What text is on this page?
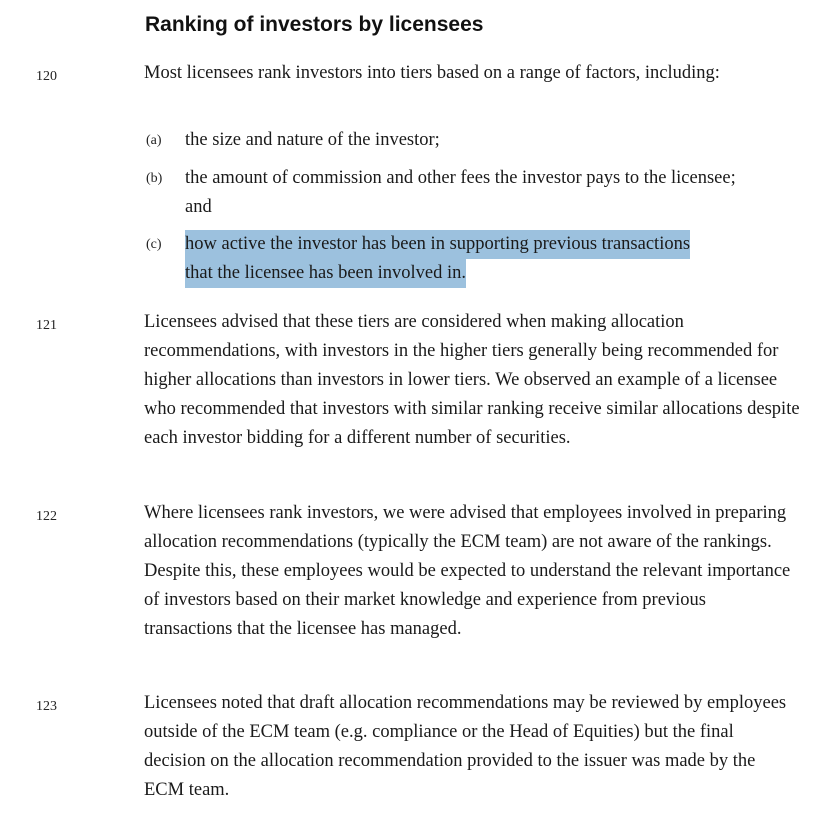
Ranking of investors by licensees
120	Most licensees rank investors into tiers based on a range of factors, including:
(a) the size and nature of the investor;
(b) the amount of commission and other fees the investor pays to the licensee; and
(c) how active the investor has been in supporting previous transactions
that the licensee has been involved in.
121	Licensees advised that these tiers are considered when making allocation recommendations, with investors in the higher tiers generally being recommended for higher allocations than investors in lower tiers. We observed an example of a licensee who recommended that investors with similar ranking receive similar allocations despite each investor bidding for a different number of securities.
122	Where licensees rank investors, we were advised that employees involved in preparing allocation recommendations (typically the ECM team) are not aware of the rankings. Despite this, these employees would be expected to understand the relevant importance of investors based on their market knowledge and experience from previous transactions that the licensee has managed.
123	Licensees noted that draft allocation recommendations may be reviewed by employees outside of the ECM team (e.g. compliance or the Head of Equities) but the final decision on the allocation recommendation provided to the issuer was made by the ECM team.
